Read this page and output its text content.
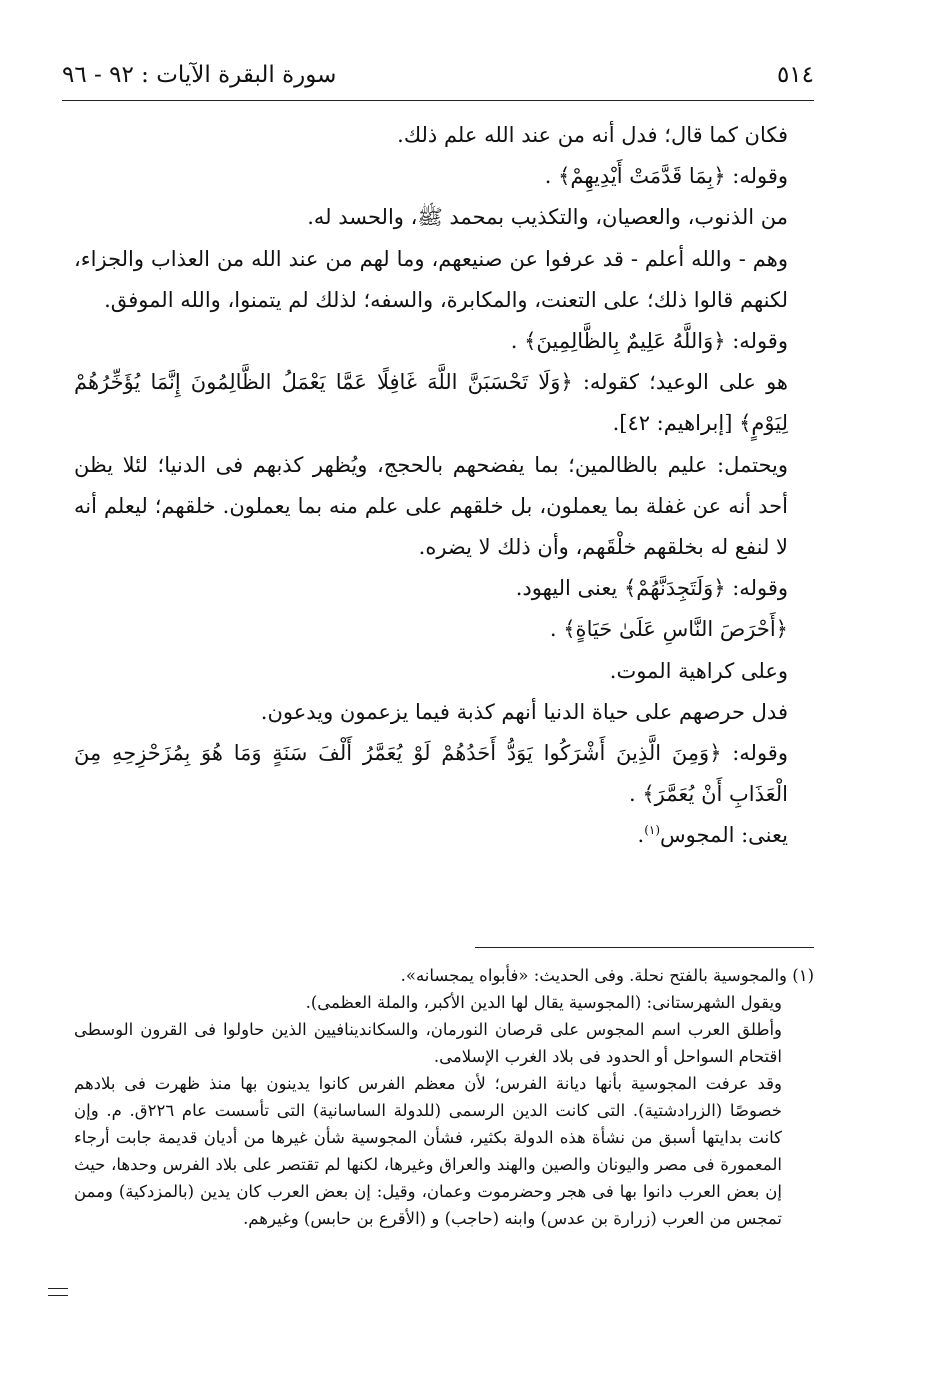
٥١٤
سورة البقرة الآيات : ٩٢ - ٩٦

فكان كما قال؛ فدل أنه من عند الله علم ذلك.

وقوله: ﴿بِمَا قَدَّمَتْ أَيْدِيهِمْ﴾ .

من الذنوب، والعصيان، والتكذيب بمحمد ﷺ، والحسد له.

وهم - والله أعلم - قد عرفوا عن صنيعهم، وما لهم من عند الله من العذاب والجزاء، لكنهم قالوا ذلك؛ على التعنت، والمكابرة، والسفه؛ لذلك لم يتمنوا، والله الموفق.

وقوله: ﴿وَاللَّهُ عَلِيمٌ بِالظَّالِمِينَ﴾ .

هو على الوعيد؛ كقوله: ﴿وَلَا تَحْسَبَنَّ اللَّهَ غَافِلًا عَمَّا يَعْمَلُ الظَّالِمُونَ إِنَّمَا يُؤَخِّرُهُمْ لِيَوْمٍ﴾ [إبراهيم: ٤٢].

ويحتمل: عليم بالظالمين؛ بما يفضحهم بالحجج، ويُظهر كذبهم فى الدنيا؛ لئلا يظن أحد أنه عن غفلة بما يعملون، بل خلقهم على علم منه بما يعملون. خلقهم؛ ليعلم أنه لا لنفع له بخلقهم خلْقَهم، وأن ذلك لا يضره.

وقوله: ﴿وَلَتَجِدَنَّهُمْ﴾ يعنى اليهود.

﴿أَحْرَصَ النَّاسِ عَلَىٰ حَيَاةٍ﴾ .

وعلى كراهية الموت.

فدل حرصهم على حياة الدنيا أنهم كذبة فيما يزعمون ويدعون.

وقوله: ﴿وَمِنَ الَّذِينَ أَشْرَكُوا يَوَدُّ أَحَدُهُمْ لَوْ يُعَمَّرُ أَلْفَ سَنَةٍ وَمَا هُوَ بِمُزَحْزِحِهِ مِنَ الْعَذَابِ أَنْ يُعَمَّرَ﴾ .

يعنى: المجوس$^{(١)}$.

(١) والمجوسية بالفتح نحلة. وفى الحديث: «فأبواه يمجسانه».

ويقول الشهرستانى: (المجوسية يقال لها الدين الأكبر، والملة العظمى).

وأطلق العرب اسم المجوس على قرصان النورمان، والسكاندينافيين الذين حاولوا فى القرون الوسطى اقتحام السواحل أو الحدود فى بلاد الغرب الإسلامى.

وقد عرفت المجوسية بأنها ديانة الفرس؛ لأن معظم الفرس كانوا يدينون بها منذ ظهرت فى بلادهم خصوصًا (الزرادشتية). التى كانت الدين الرسمى (للدولة الساسانية) التى تأسست عام ٢٢٦ق. م. وإن كانت بدايتها أسبق من نشأة هذه الدولة بكثير، فشأن المجوسية شأن غيرها من أديان قديمة جابت أرجاء المعمورة فى مصر واليونان والصين والهند والعراق وغيرها، لكنها لم تقتصر على بلاد الفرس وحدها، حيث إن بعض العرب دانوا بها فى هجر وحضرموت وعمان، وقيل: إن بعض العرب كان يدين (بالمزدكية) وممن تمجس من العرب (زرارة بن عدس) وابنه (حاجب) و (الأقرع بن حابس) وغيرهم.
